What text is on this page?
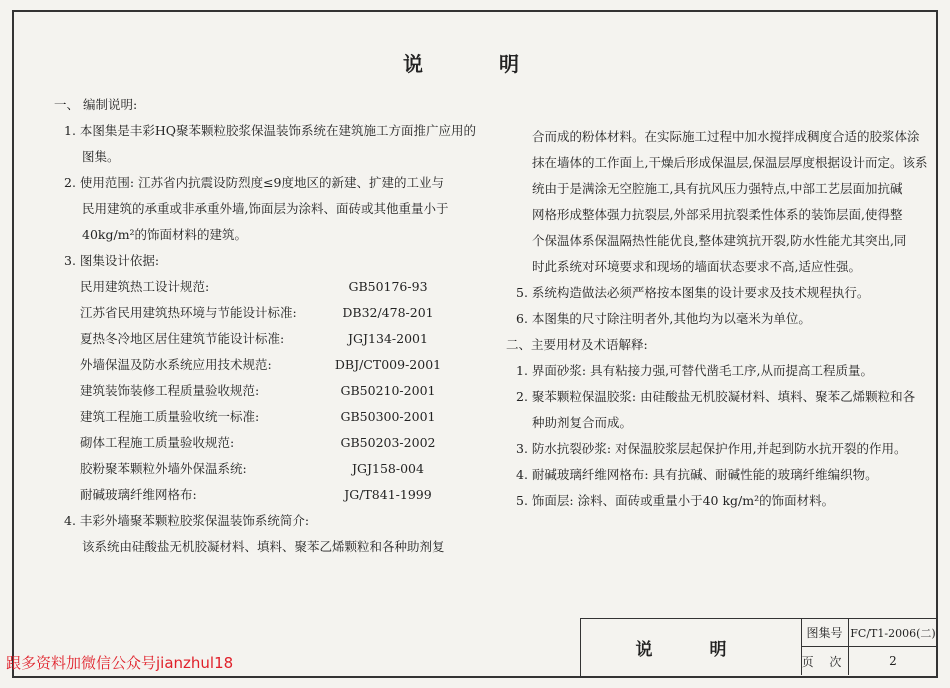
说　明
一、 编制说明:
1. 本图集是丰彩HQ聚苯颗粒胶浆保温装饰系统在建筑施工方面推广应用的
图集。
2. 使用范围: 江苏省内抗震设防烈度≤9度地区的新建、扩建的工业与
民用建筑的承重或非承重外墙,饰面层为涂料、面砖或其他重量小于
40kg/m²的饰面材料的建筑。
3. 图集设计依据:
民用建筑热工设计规范:	GB50176-93
江苏省民用建筑热环境与节能设计标准:	DB32/478-201
夏热冬冷地区居住建筑节能设计标准:	JGJ134-2001
外墙保温及防水系统应用技术规范:	DBJ/CT009-2001
建筑装饰装修工程质量验收规范:	GB50210-2001
建筑工程施工质量验收统一标准:	GB50300-2001
砌体工程施工质量验收规范:	GB50203-2002
胶粉聚苯颗粒外墙外保温系统:	JGJ158-004
耐碱玻璃纤维网格布:	JG/T841-1999
4. 丰彩外墙聚苯颗粒胶浆保温装饰系统简介:
该系统由硅酸盐无机胶凝材料、填料、聚苯乙烯颗粒和各种助剂复
合而成的粉体材料。在实际施工过程中加水搅拌成稠度合适的胶浆体涂
抹在墙体的工作面上,干燥后形成保温层,保温层厚度根据设计而定。该系
统由于是满涂无空腔施工,具有抗风压力强特点,中部工艺层面加抗碱
网格形成整体强力抗裂层,外部采用抗裂柔性体系的装饰层面,使得整
个保温体系保温隔热性能优良,整体建筑抗开裂,防水性能尤其突出,同
时此系统对环境要求和现场的墙面状态要求不高,适应性强。
5. 系统构造做法必须严格按本图集的设计要求及技术规程执行。
6. 本图集的尺寸除注明者外,其他均为以毫米为单位。
二、主要用材及术语解释:
1. 界面砂浆: 具有粘接力强,可替代凿毛工序,从而提高工程质量。
2. 聚苯颗粒保温胶浆: 由硅酸盐无机胶凝材料、填料、聚苯乙烯颗粒和各
种助剂复合而成。
3. 防水抗裂砂浆: 对保温胶浆层起保护作用,并起到防水抗开裂的作用。
4. 耐碱玻璃纤维网格布: 具有抗碱、耐碱性能的玻璃纤维编织物。
5. 饰面层: 涂料、面砖或重量小于40 kg/m²的饰面材料。
说　明
图集号 FC/T1-2006(二)
页 次	2
跟多资料加微信公众号jianzhul18
